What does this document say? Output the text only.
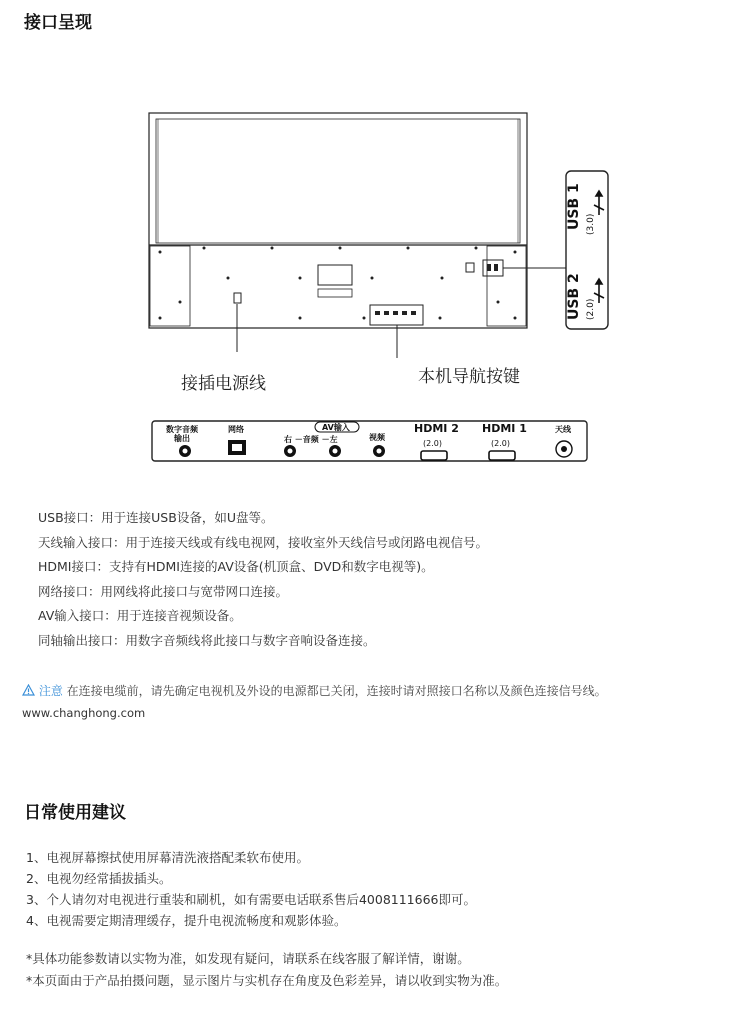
接口呈现
USB 1 (3.0)
USB 2 (2.0)
数字音频
输出
网络	AV输入
右 －音频 －左	视频
HDMI 2
(2.0)
HDMI 1
(2.0)
天线
接插电源线	本机导航按键
USB接口：用于连接USB设备，如U盘等。
天线输入接口：用于连接天线或有线电视网，接收室外天线信号或闭路电视信号。
HDMI接口：支持有HDMI连接的AV设备(机顶盒、DVD和数字电视等)。
网络接口：用网线将此接口与宽带网口连接。
AV输入接口：用于连接音视频设备。
同轴输出接口：用数字音频线将此接口与数字音响设备连接。
注意 在连接电缆前，请先确定电视机及外设的电源都已关闭，连接时请对照接口名称以及颜色连接信号线。
www.changhong.com
日常使用建议
1、电视屏幕擦拭使用屏幕清洗液搭配柔软布使用。
2、电视勿经常插拔插头。
3、个人请勿对电视进行重装和刷机，如有需要电话联系售后4008111666即可。
4、电视需要定期清理缓存，提升电视流畅度和观影体验。
*具体功能参数请以实物为准，如发现有疑问，请联系在线客服了解详情，谢谢。
*本页面由于产品拍摄问题，显示图片与实机存在角度及色彩差异，请以收到实物为准。
